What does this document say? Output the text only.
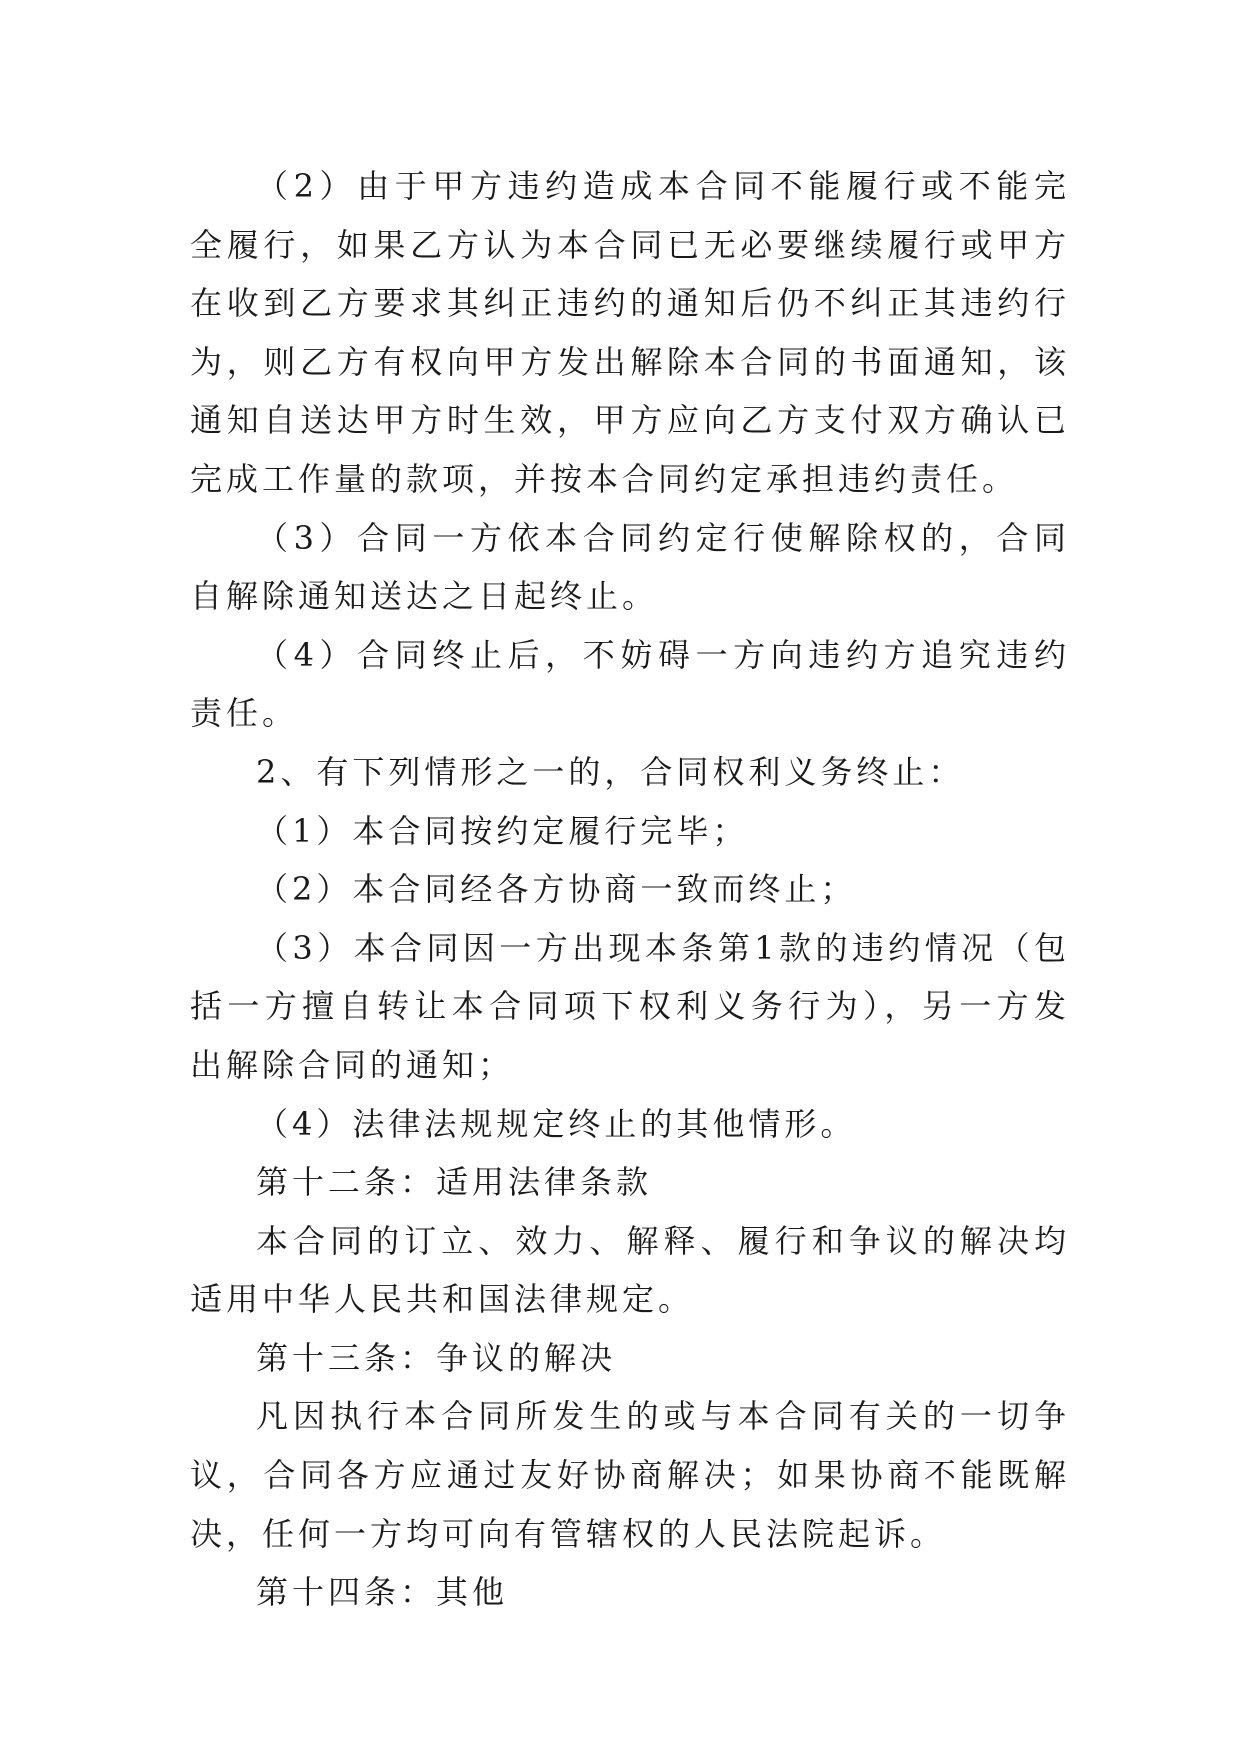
（2）由于甲方违约造成本合同不能履行或不能完全履行，如果乙方认为本合同已无必要继续履行或甲方在收到乙方要求其纠正违约的通知后仍不纠正其违约行为，则乙方有权向甲方发出解除本合同的书面通知，该通知自送达甲方时生效，甲方应向乙方支付双方确认已完成工作量的款项，并按本合同约定承担违约责任。

（3）合同一方依本合同约定行使解除权的，合同自解除通知送达之日起终止。

（4）合同终止后，不妨碍一方向违约方追究违约责任。

2、有下列情形之一的，合同权利义务终止：

（1）本合同按约定履行完毕；

（2）本合同经各方协商一致而终止；

（3）本合同因一方出现本条第1款的违约情况（包括一方擅自转让本合同项下权利义务行为），另一方发出解除合同的通知；

（4）法律法规规定终止的其他情形。

第十二条：适用法律条款

本合同的订立、效力、解释、履行和争议的解决均适用中华人民共和国法律规定。

第十三条：争议的解决

凡因执行本合同所发生的或与本合同有关的一切争议，合同各方应通过友好协商解决；如果协商不能既解决，任何一方均可向有管辖权的人民法院起诉。

第十四条：其他
